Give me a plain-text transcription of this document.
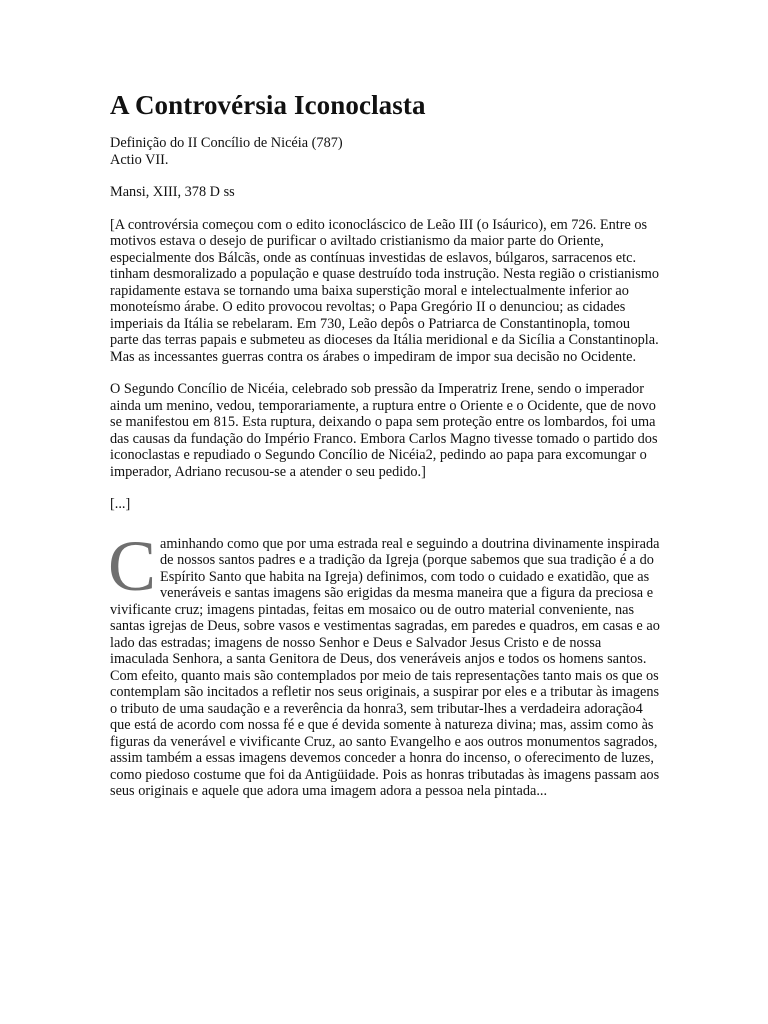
A Controvérsia Iconoclasta

Definição do II Concílio de Nicéia (787)
Actio VII.

Mansi, XIII, 378 D ss

[A controvérsia começou com o edito iconocláscico de Leão III (o Isáurico), em 726. Entre os motivos estava o desejo de purificar o aviltado cristianismo da maior parte do Oriente, especialmente dos Bálcãs, onde as contínuas investidas de eslavos, búlgaros, sarracenos etc. tinham desmoralizado a população e quase destruído toda instrução. Nesta região o cristianismo rapidamente estava se tornando uma baixa superstição moral e intelectualmente inferior ao monoteísmo árabe. O edito provocou revoltas; o Papa Gregório II o denunciou; as cidades imperiais da Itália se rebelaram. Em 730, Leão depôs o Patriarca de Constantinopla, tomou parte das terras papais e submeteu as dioceses da Itália meridional e da Sicília a Constantinopla. Mas as incessantes guerras contra os árabes o impediram de impor sua decisão no Ocidente.

O Segundo Concílio de Nicéia, celebrado sob pressão da Imperatriz Irene, sendo o imperador ainda um menino, vedou, temporariamente, a ruptura entre o Oriente e o Ocidente, que de novo se manifestou em 815. Esta ruptura, deixando o papa sem proteção entre os lombardos, foi uma das causas da fundação do Império Franco. Embora Carlos Magno tivesse tomado o partido dos iconoclastas e repudiado o Segundo Concílio de Nicéia2, pedindo ao papa para excomungar o imperador, Adriano recusou-se a atender o seu pedido.]

[...]

C aminhando como que por uma estrada real e seguindo a doutrina divinamente inspirada de nossos santos padres e a tradição da Igreja (porque sabemos que sua tradição é a do Espírito Santo que habita na Igreja) definimos, com todo o cuidado e exatidão, que as veneráveis e santas imagens são erigidas da mesma maneira que a figura da preciosa e vivificante cruz; imagens pintadas, feitas em mosaico ou de outro material conveniente, nas santas igrejas de Deus, sobre vasos e vestimentas sagradas, em paredes e quadros, em casas e ao lado das estradas; imagens de nosso Senhor e Deus e Salvador Jesus Cristo e de nossa imaculada Senhora, a santa Genitora de Deus, dos veneráveis anjos e todos os homens santos. Com efeito, quanto mais são contemplados por meio de tais representações tanto mais os que os contemplam são incitados a refletir nos seus originais, a suspirar por eles e a tributar às imagens o tributo de uma saudação e a reverência da honra3, sem tributar-lhes a verdadeira adoração4 que está de acordo com nossa fé e que é devida somente à natureza divina; mas, assim como às figuras da venerável e vivificante Cruz, ao santo Evangelho e aos outros monumentos sagrados, assim também a essas imagens devemos conceder a honra do incenso, o oferecimento de luzes, como piedoso costume que foi da Antigüidade. Pois as honras tributadas às imagens passam aos seus originais e aquele que adora uma imagem adora a pessoa nela pintada...
